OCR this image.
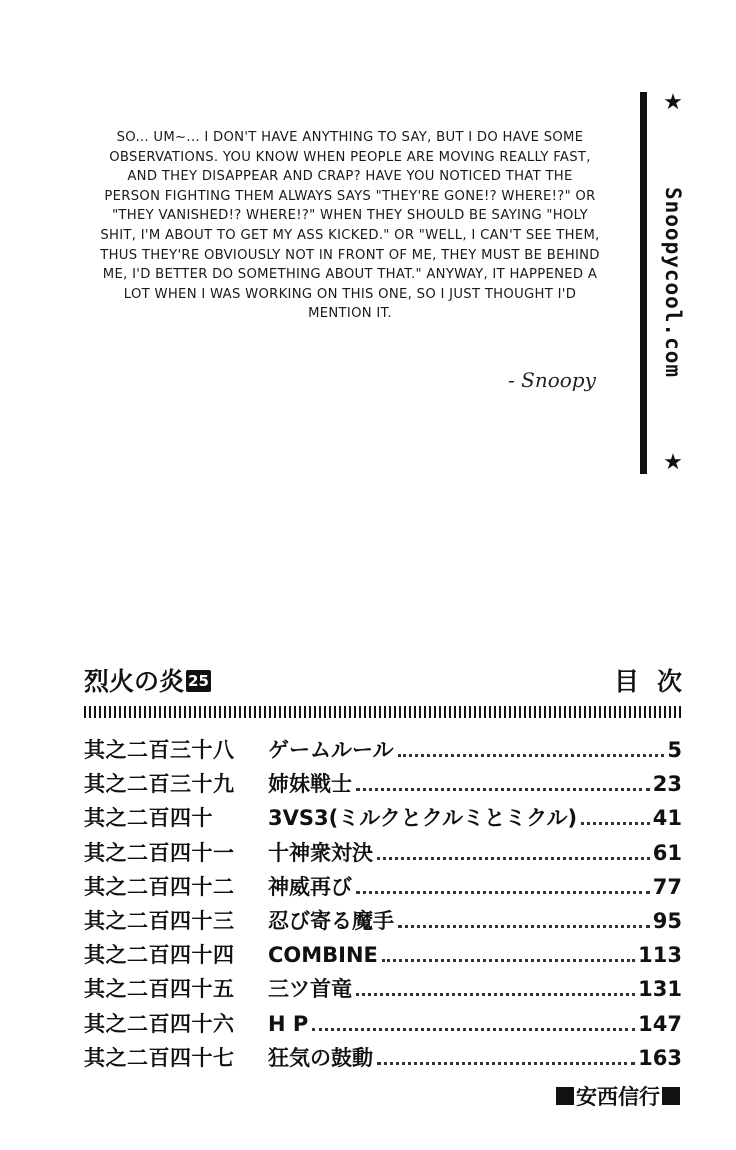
SO... UM~... I DON'T HAVE ANYTHING TO SAY, BUT I DO HAVE SOME OBSERVATIONS. YOU KNOW WHEN PEOPLE ARE MOVING REALLY FAST, AND THEY DISAPPEAR AND CRAP? HAVE YOU NOTICED THAT THE PERSON FIGHTING THEM ALWAYS SAYS "THEY'RE GONE!? WHERE!?" OR "THEY VANISHED!? WHERE!?" WHEN THEY SHOULD BE SAYING "HOLY SHIT, I'M ABOUT TO GET MY ASS KICKED." OR "WELL, I CAN'T SEE THEM, THUS THEY'RE OBVIOUSLY NOT IN FRONT OF ME, THEY MUST BE BEHIND ME, I'D BETTER DO SOMETHING ABOUT THAT." ANYWAY, IT HAPPENED A LOT WHEN I WAS WORKING ON THIS ONE, SO I JUST THOUGHT I'D MENTION IT.
- Snoopy
★
Snoopycool.com
★
烈火の炎 25	目次
其之二百三十八	ゲームルール	5
其之二百三十九	姉妹戦士	23
其之二百四十	3VS3(ミルクとクルミとミクル)	41
其之二百四十一	十神衆対決	61
其之二百四十二	神威再び	77
其之二百四十三	忍び寄る魔手	95
其之二百四十四	COMBINE	113
其之二百四十五	三ツ首竜	131
其之二百四十六	H P	147
其之二百四十七	狂気の鼓動	163
安西信行
